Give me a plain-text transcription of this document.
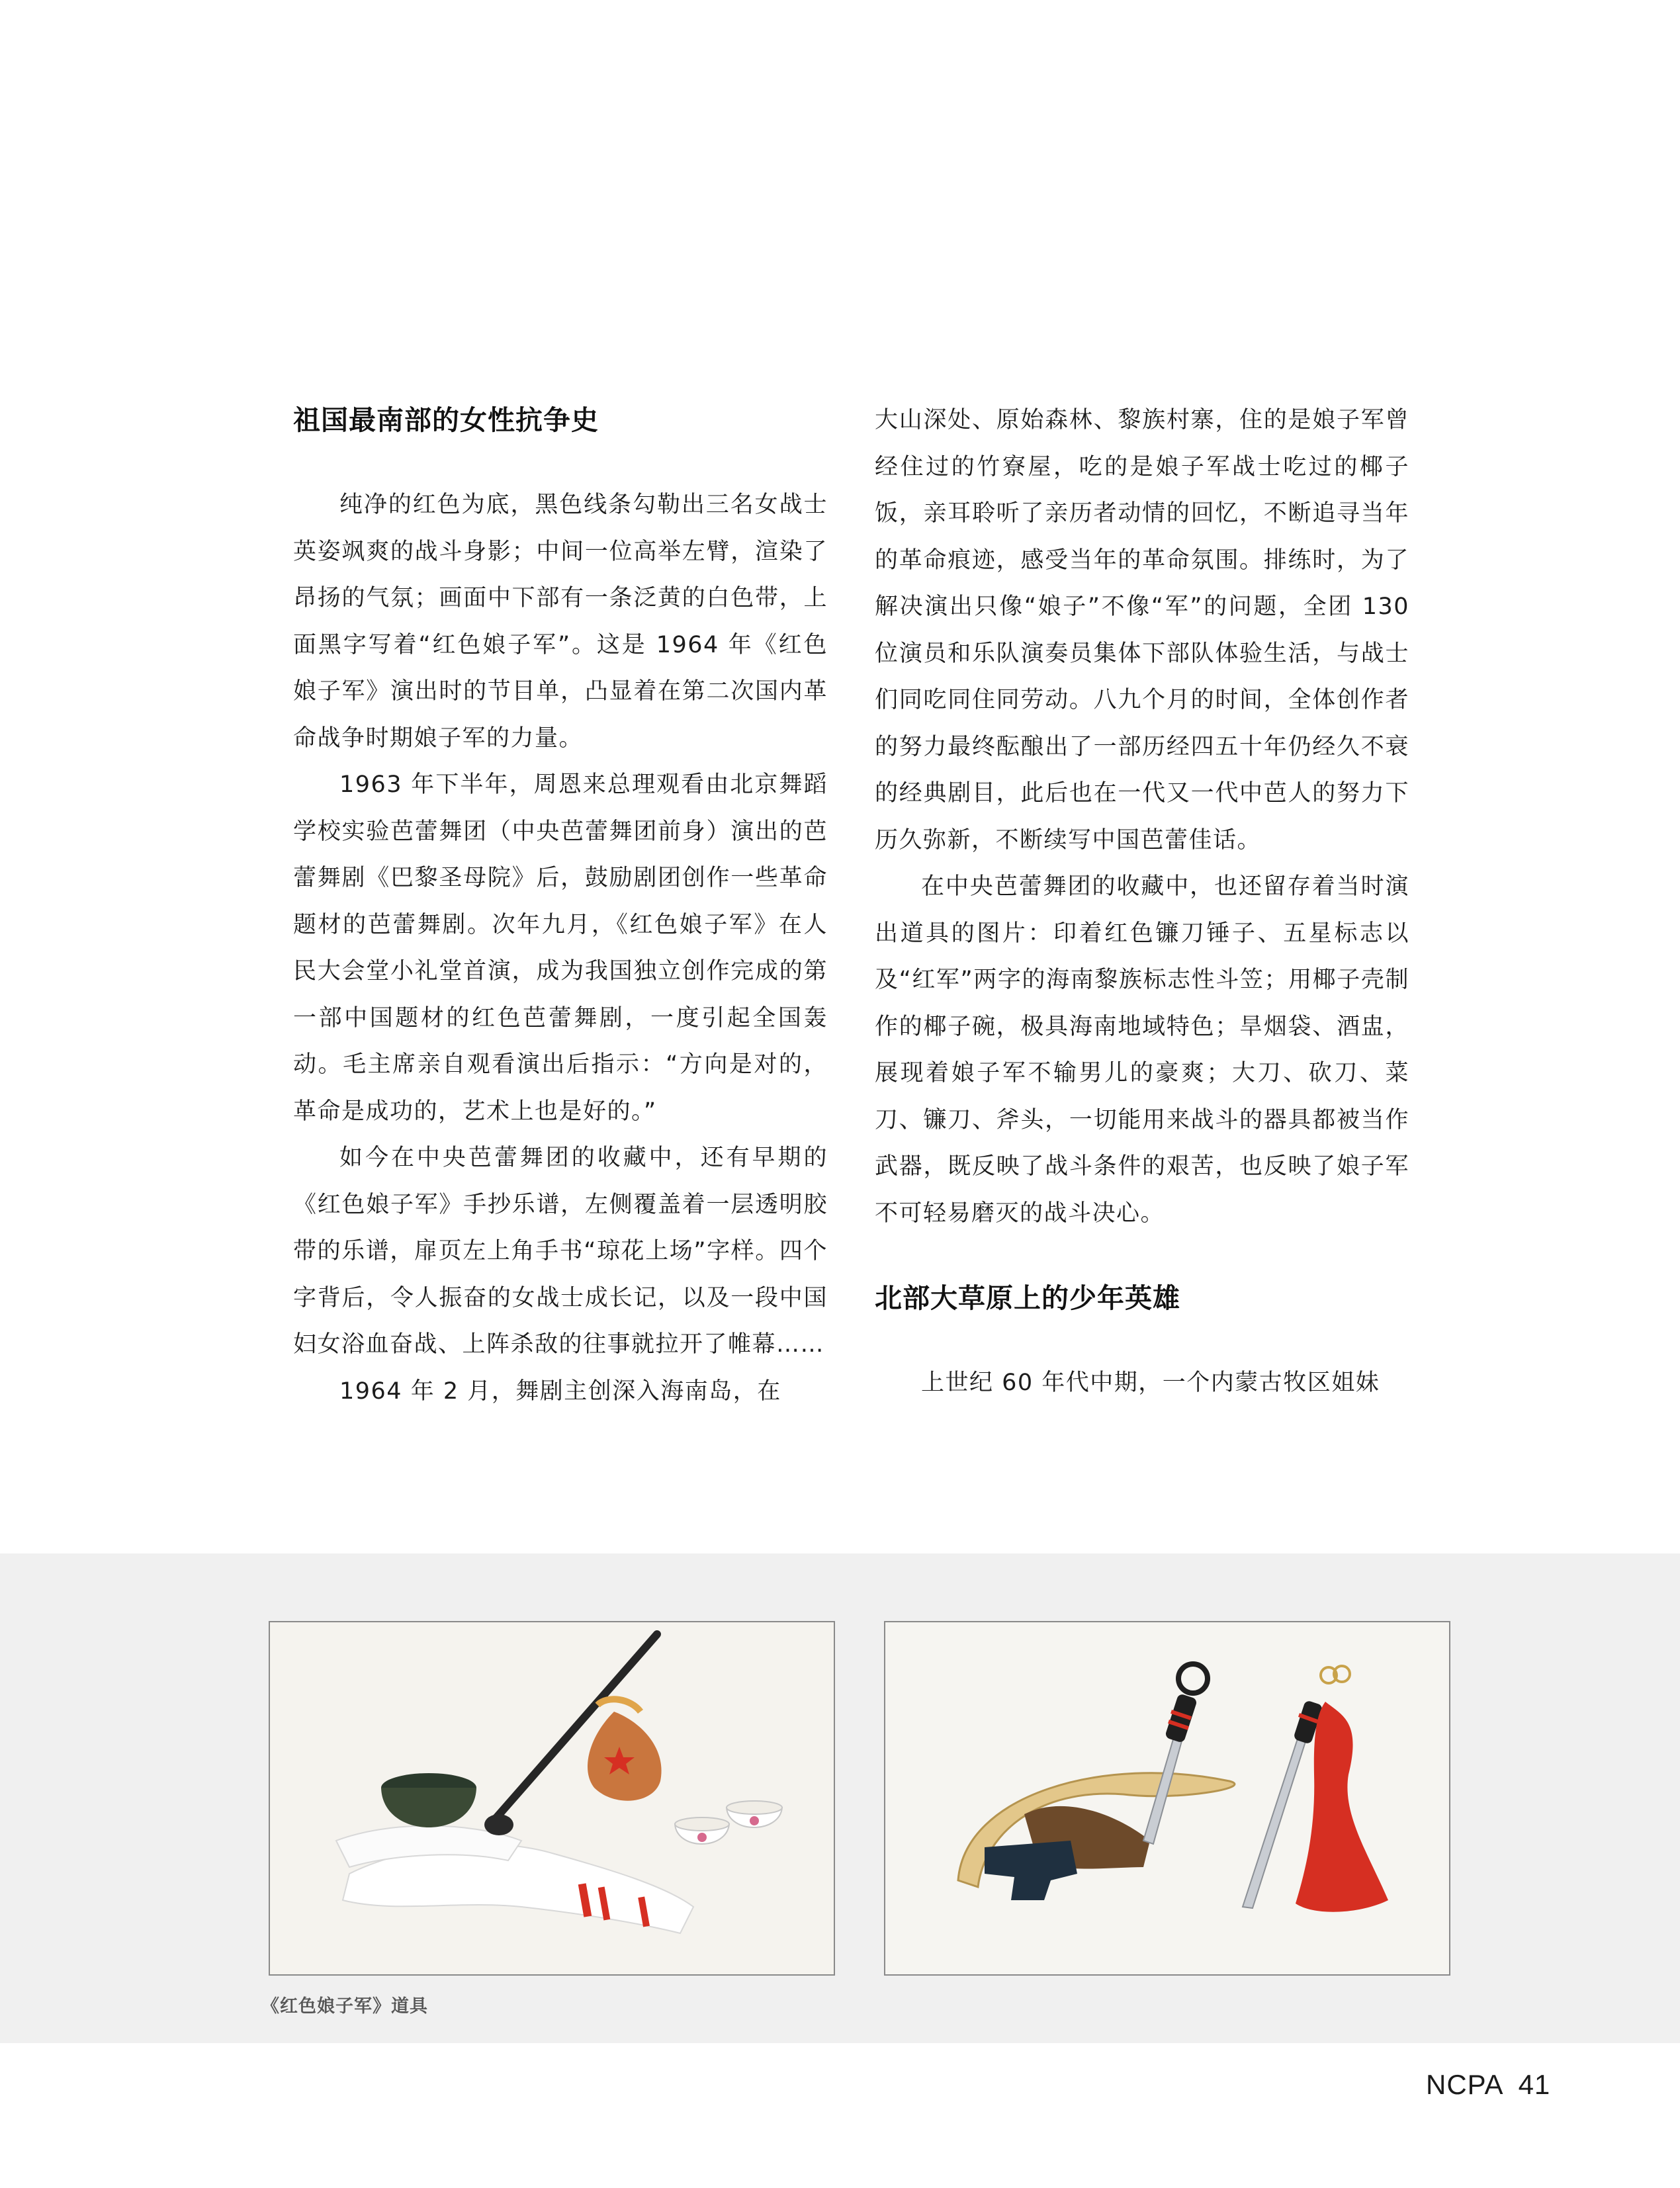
祖国最南部的女性抗争史

纯净的红色为底，黑色线条勾勒出三名女战士英姿飒爽的战斗身影；中间一位高举左臂，渲染了昂扬的气氛；画面中下部有一条泛黄的白色带，上面黑字写着“红色娘子军”。这是 1964 年《红色娘子军》演出时的节目单，凸显着在第二次国内革命战争时期娘子军的力量。

1963 年下半年，周恩来总理观看由北京舞蹈学校实验芭蕾舞团（中央芭蕾舞团前身）演出的芭蕾舞剧《巴黎圣母院》后，鼓励剧团创作一些革命题材的芭蕾舞剧。次年九月，《红色娘子军》在人民大会堂小礼堂首演，成为我国独立创作完成的第一部中国题材的红色芭蕾舞剧，一度引起全国轰动。毛主席亲自观看演出后指示：“方向是对的，革命是成功的，艺术上也是好的。”

如今在中央芭蕾舞团的收藏中，还有早期的《红色娘子军》手抄乐谱，左侧覆盖着一层透明胶带的乐谱，扉页左上角手书“琼花上场”字样。四个字背后，令人振奋的女战士成长记，以及一段中国妇女浴血奋战、上阵杀敌的往事就拉开了帷幕……

1964 年 2 月，舞剧主创深入海南岛，在

大山深处、原始森林、黎族村寨，住的是娘子军曾经住过的竹寮屋，吃的是娘子军战士吃过的椰子饭，亲耳聆听了亲历者动情的回忆，不断追寻当年的革命痕迹，感受当年的革命氛围。排练时，为了解决演出只像“娘子”不像“军”的问题，全团 130 位演员和乐队演奏员集体下部队体验生活，与战士们同吃同住同劳动。八九个月的时间，全体创作者的努力最终酝酿出了一部历经四五十年仍经久不衰的经典剧目，此后也在一代又一代中芭人的努力下历久弥新，不断续写中国芭蕾佳话。

在中央芭蕾舞团的收藏中，也还留存着当时演出道具的图片：印着红色镰刀锤子、五星标志以及“红军”两字的海南黎族标志性斗笠；用椰子壳制作的椰子碗，极具海南地域特色；旱烟袋、酒盅，展现着娘子军不输男儿的豪爽；大刀、砍刀、菜刀、镰刀、斧头，一切能用来战斗的器具都被当作武器，既反映了战斗条件的艰苦，也反映了娘子军不可轻易磨灭的战斗决心。

北部大草原上的少年英雄

上世纪 60 年代中期，一个内蒙古牧区姐妹

《红色娘子军》道具
NCPA 41
